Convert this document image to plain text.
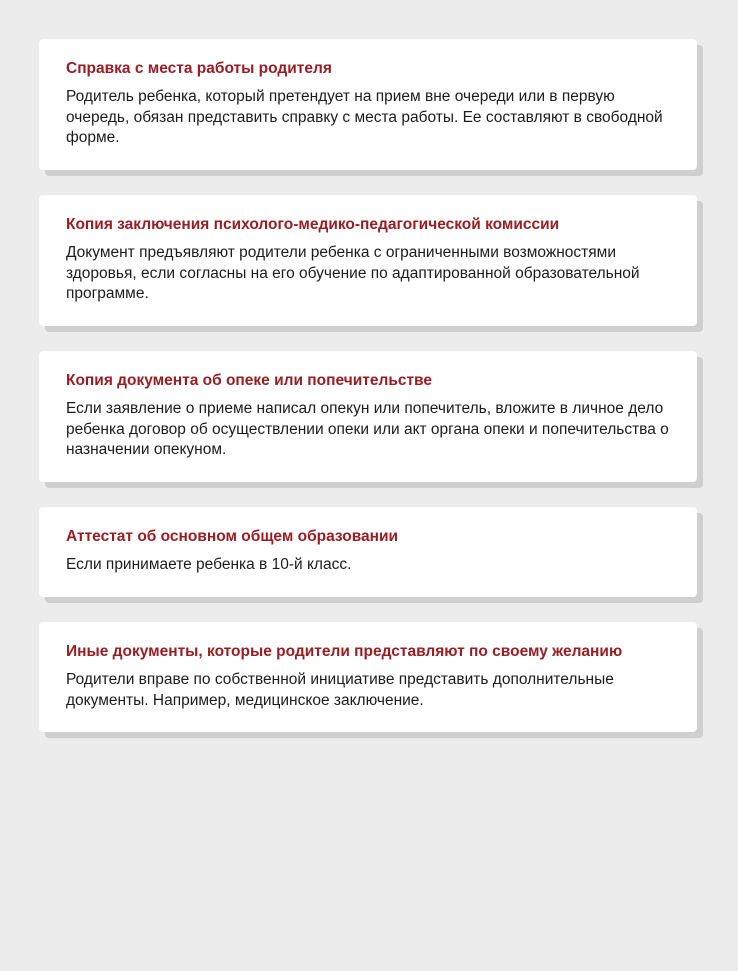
Справка с места работы родителя

Родитель ребенка, который претендует на прием вне очереди или в первую очередь, обязан представить справку с места работы. Ее составляют в свободной форме.

Копия заключения психолого-медико-педагогической комиссии

Документ предъявляют родители ребенка с ограниченными возможностями здоровья, если согласны на его обучение по адаптированной образовательной программе.

Копия документа об опеке или попечительстве

Если заявление о приеме написал опекун или попечитель, вложите в личное дело ребенка договор об осуществлении опеки или акт органа опеки и попечительства о назначении опекуном.

Аттестат об основном общем образовании

Если принимаете ребенка в 10-й класс.

Иные документы, которые родители представляют по своему желанию

Родители вправе по собственной инициативе представить дополнительные документы. Например, медицинское заключение.
